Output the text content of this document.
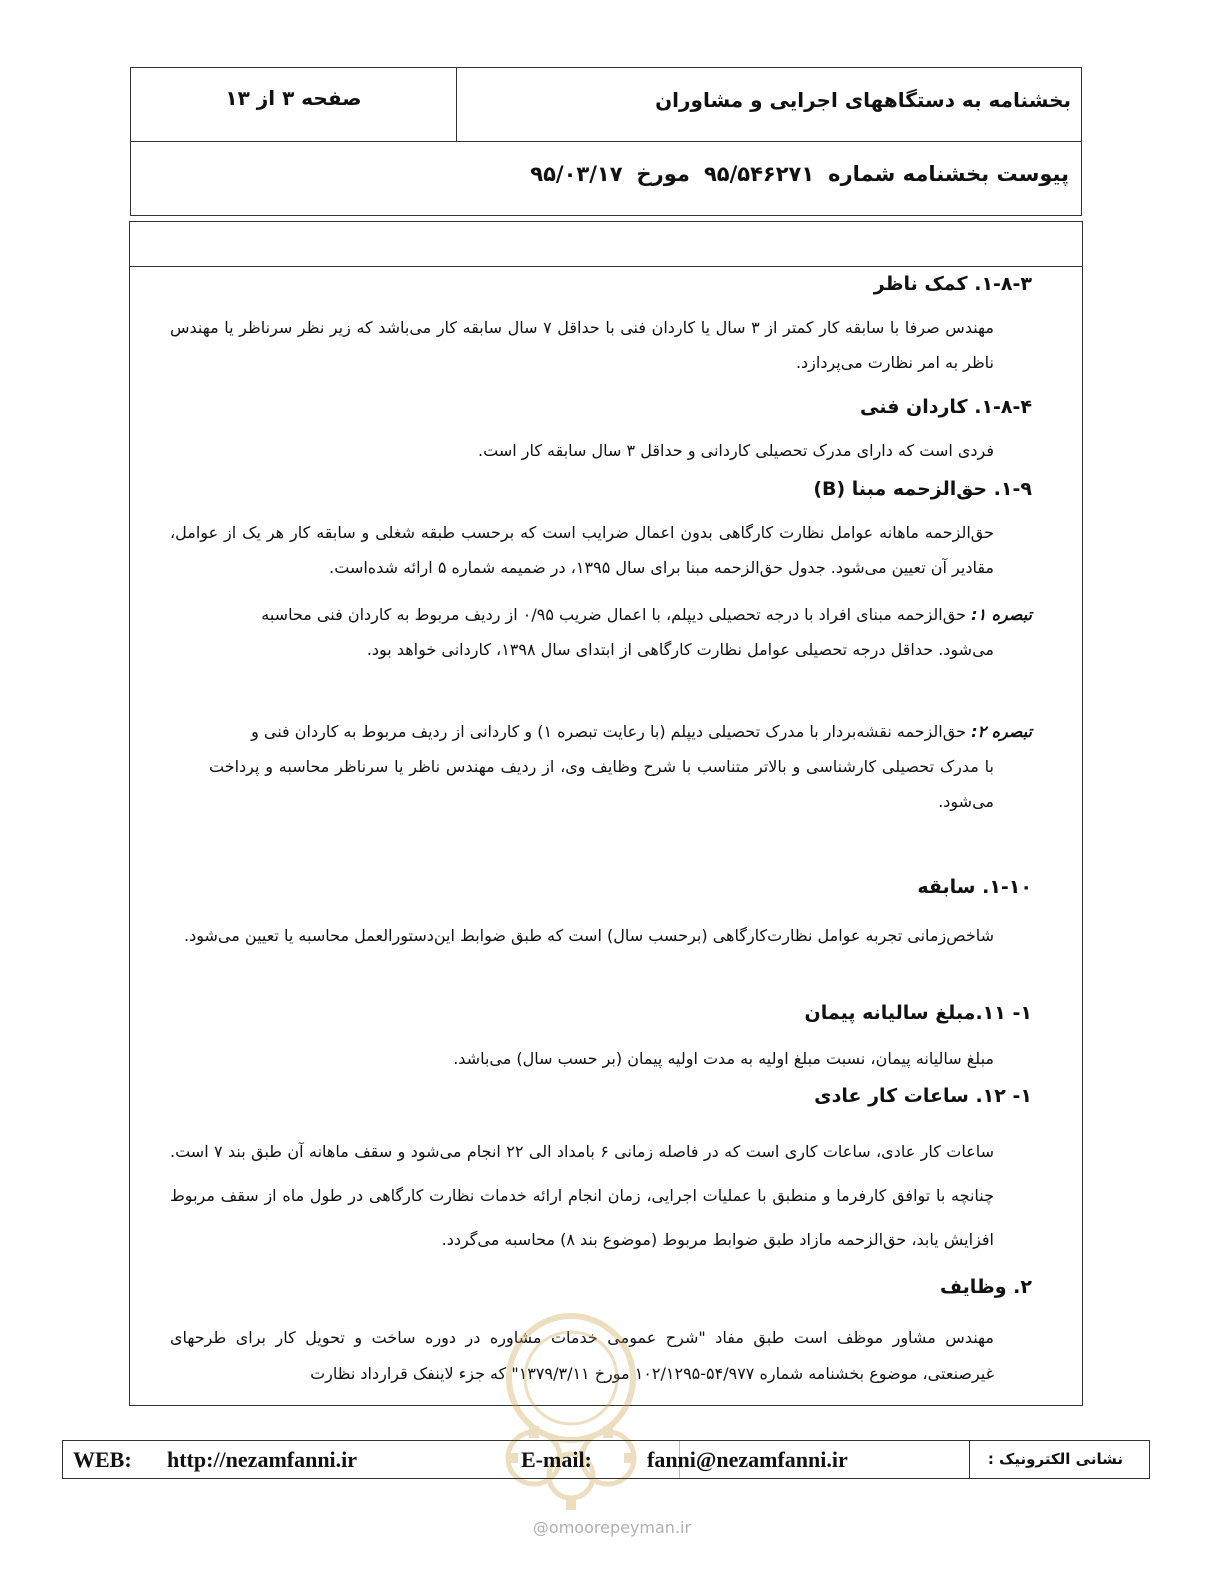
صفحه ۳ از ۱۳	بخشنامه به دستگاههای اجرایی و مشاوران
پیوست بخشنامه شماره۹۵/۵۴۶۲۷۱مورخ۹۵/۰۳/۱۷
۱-۸-۳. کمک ناظر
مهندس صرفا با سابقه کار کمتر از ۳ سال یا کاردان فنی با حداقل ۷ سال سابقه کار می‌باشد که زیر نظر سرناظر یا مهندس ناظر به امر نظارت می‌پردازد.
۱-۸-۴. کاردان فنی
فردی است که دارای مدرک تحصیلی کاردانی و حداقل ۳ سال سابقه کار است.
۱-۹. حق‌الزحمه مبنا (B)
حق‌الزحمه ماهانه عوامل نظارت کارگاهی بدون اعمال ضرایب است که برحسب طبقه شغلی و سابقه کار هر یک از عوامل، مقادیر آن تعیین می‌شود. جدول حق‌الزحمه مبنا برای سال ۱۳۹۵، در ضمیمه شماره ۵ ارائه شده‌است.
تبصره ۱: حق‌الزحمه مبنای افراد با درجه تحصیلی دیپلم، با اعمال ضریب ۰/۹۵ از ردیف مربوط به کاردان فنی محاسبه
می‌شود. حداقل درجه تحصیلی عوامل نظارت کارگاهی از ابتدای سال ۱۳۹۸، کاردانی خواهد بود.
تبصره ۲: حق‌الزحمه نقشه‌بردار با مدرک تحصیلی دیپلم (با رعایت تبصره ۱) و کاردانی از ردیف مربوط به کاردان فنی و
با مدرک تحصیلی کارشناسی و بالاتر متناسب با شرح وظایف وی، از ردیف مهندس ناظر یا سرناظر محاسبه و پرداخت می‌شود.
۱-۱۰. سابقه
شاخص‌زمانی تجربه عوامل نظارت‌کارگاهی (برحسب سال) است که طبق ضوابط این‌دستورالعمل محاسبه یا تعیین می‌شود.
۱- ۱۱.مبلغ سالیانه پیمان
مبلغ سالیانه پیمان، نسبت مبلغ اولیه به مدت اولیه پیمان (بر حسب سال) می‌باشد.
۱- ۱۲. ساعات کار عادی
ساعات کار عادی، ساعات کاری است که در فاصله زمانی ۶ بامداد الی ۲۲ انجام می‌شود و سقف ماهانه آن طبق بند ۷ است. چنانچه با توافق کارفرما و منطبق با عملیات اجرایی، زمان انجام ارائه خدمات نظارت کارگاهی در طول ماه از سقف مربوط افزایش یابد، حق‌الزحمه مازاد طبق ضوابط مربوط (موضوع بند ۸) محاسبه می‌گردد.
۲. وظایف
مهندس مشاور موظف است طبق مفاد "شرح عمومی خدمات مشاوره در دوره ساخت و تحویل کار برای طرحهای غیرصنعتی، موضوع بخشنامه شماره ۵۴/۹۷۷-۱۰۲/۱۲۹۵ مورخ ۱۳۷۹/۳/۱۱" که جزء لاینفک قرارداد نظارت
WEB: http://nezamfanni.ir	E-mail:	fanni@nezamfanni.ir	نشانی الکترونیک :
@omoorepeyman.ir
